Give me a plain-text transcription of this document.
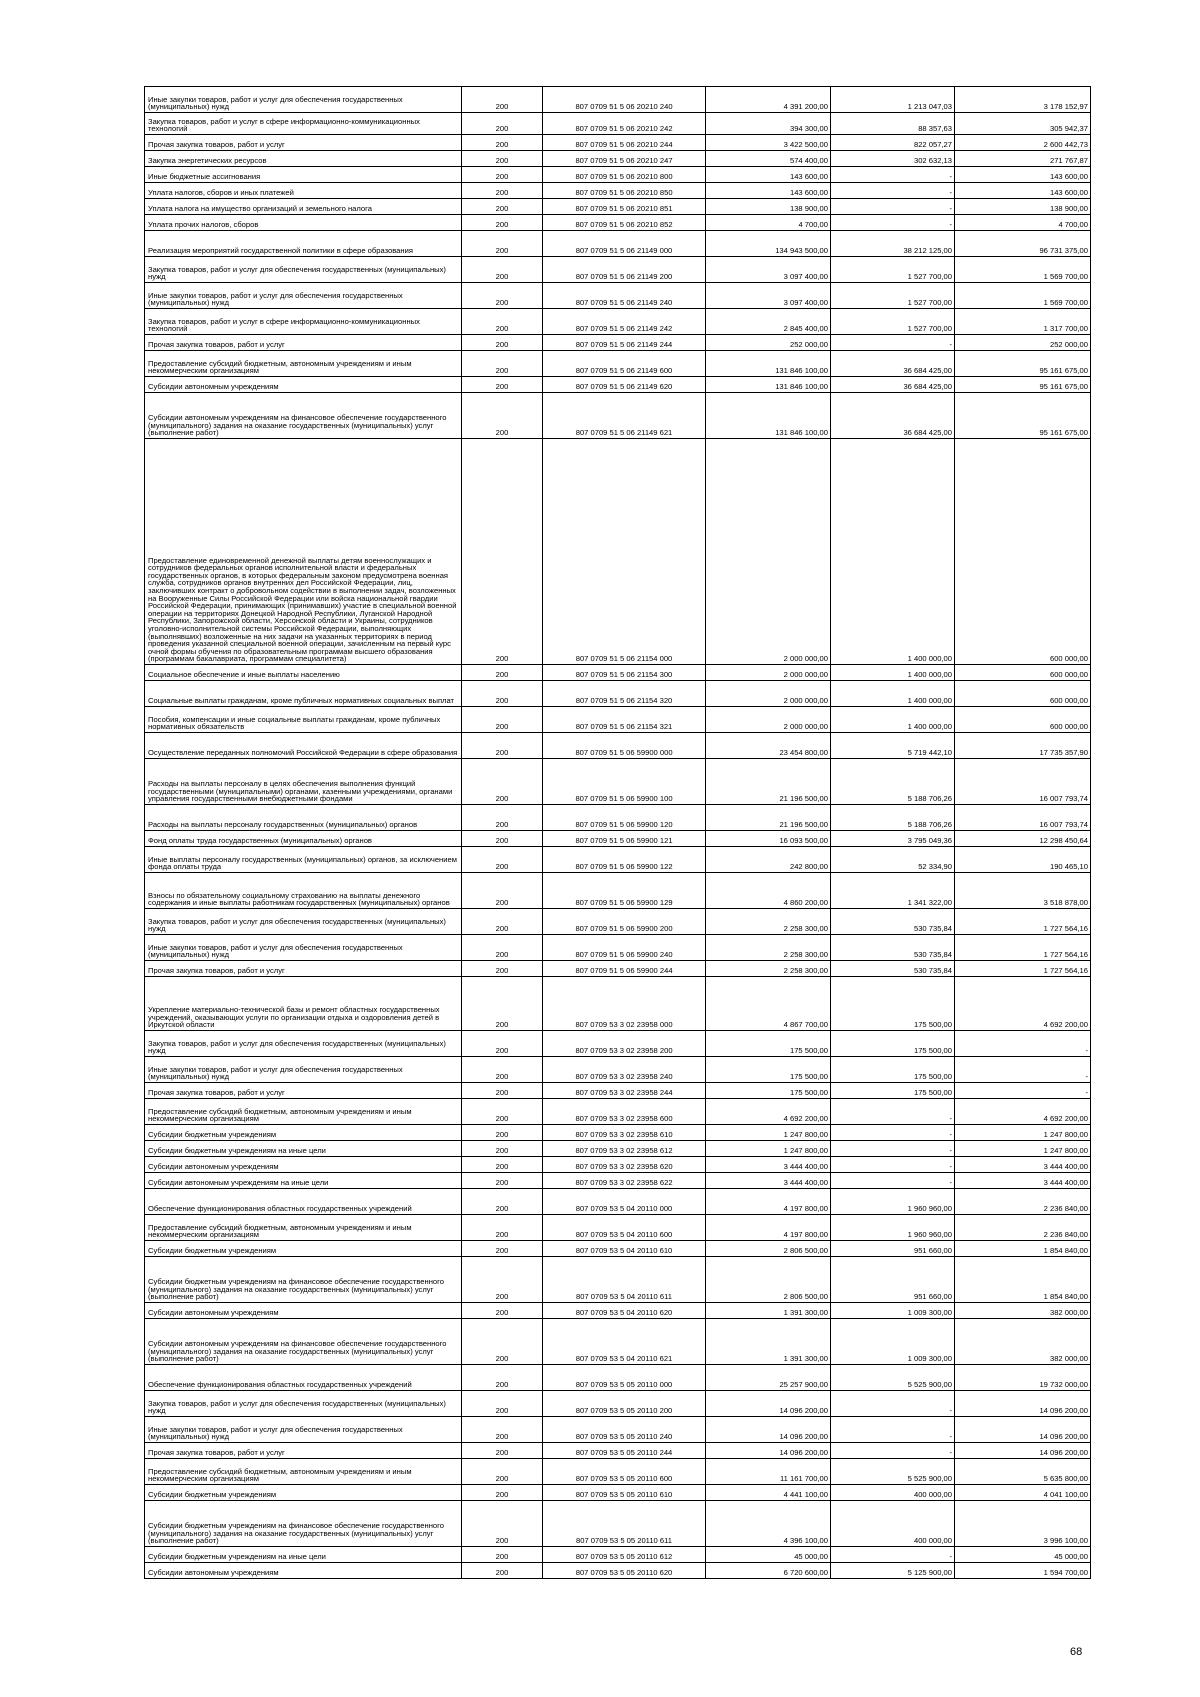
Иные закупки товаров, работ и услуг для обеспечения государственных (муниципальных) нужд	200	807 0709 51 5 06 20210 240	4 391 200,00	1 213 047,03	3 178 152,97
Закупка товаров, работ и услуг в сфере информационно-коммуникационных технологий	200	807 0709 51 5 06 20210 242	394 300,00	88 357,63	305 942,37
Прочая закупка товаров, работ и услуг	200	807 0709 51 5 06 20210 244	3 422 500,00	822 057,27	2 600 442,73
Закупка энергетических ресурсов	200	807 0709 51 5 06 20210 247	574 400,00	302 632,13	271 767,87
Иные бюджетные ассигнования	200	807 0709 51 5 06 20210 800	143 600,00	-	143 600,00
Уплата налогов, сборов и иных платежей	200	807 0709 51 5 06 20210 850	143 600,00	-	143 600,00
Уплата налога на имущество организаций и земельного налога	200	807 0709 51 5 06 20210 851	138 900,00	-	138 900,00
Уплата прочих налогов, сборов	200	807 0709 51 5 06 20210 852	4 700,00	-	4 700,00
Реализация мероприятий государственной политики в сфере образования	200	807 0709 51 5 06 21149 000	134 943 500,00	38 212 125,00	96 731 375,00
Закупка товаров, работ и услуг для обеспечения государственных (муниципальных) нужд	200	807 0709 51 5 06 21149 200	3 097 400,00	1 527 700,00	1 569 700,00
Иные закупки товаров, работ и услуг для обеспечения государственных (муниципальных) нужд	200	807 0709 51 5 06 21149 240	3 097 400,00	1 527 700,00	1 569 700,00
Закупка товаров, работ и услуг в сфере информационно-коммуникационных технологий	200	807 0709 51 5 06 21149 242	2 845 400,00	1 527 700,00	1 317 700,00
Прочая закупка товаров, работ и услуг	200	807 0709 51 5 06 21149 244	252 000,00	-	252 000,00
Предоставление субсидий бюджетным, автономным учреждениям и иным некоммерческим организациям	200	807 0709 51 5 06 21149 600	131 846 100,00	36 684 425,00	95 161 675,00
Субсидии автономным учреждениям	200	807 0709 51 5 06 21149 620	131 846 100,00	36 684 425,00	95 161 675,00
Субсидии автономным учреждениям на финансовое обеспечение государственного (муниципального) задания на оказание государственных (муниципальных) услуг (выполнение работ)	200	807 0709 51 5 06 21149 621	131 846 100,00	36 684 425,00	95 161 675,00
Предоставление единовременной денежной выплаты детям военнослужащих и сотрудников федеральных органов исполнительной власти и федеральных государственных органов, в которых федеральным законом предусмотрена военная служба, сотрудников органов внутренних дел Российской Федерации, лиц, заключивших контракт о добровольном содействии в выполнении задач, возложенных на Вооруженные Силы Российской Федерации или войска национальной гвардии Российской Федерации, принимающих (принимавших) участие в специальной военной операции на территориях Донецкой Народной Республики, Луганской Народной Республики, Запорожской области, Херсонской области и Украины, сотрудников уголовно-исполнительной системы Российской Федерации, выполняющих (выполнявших) возложенные на них задачи на указанных территориях в период проведения указанной специальной военной операции, зачисленным на первый курс очной формы обучения по образовательным программам высшего образования (программам бакалавриата, программам специалитета)	200	807 0709 51 5 06 21154 000	2 000 000,00	1 400 000,00	600 000,00
Социальное обеспечение и иные выплаты населению	200	807 0709 51 5 06 21154 300	2 000 000,00	1 400 000,00	600 000,00
Социальные выплаты гражданам, кроме публичных нормативных социальных выплат	200	807 0709 51 5 06 21154 320	2 000 000,00	1 400 000,00	600 000,00
Пособия, компенсации и иные социальные выплаты гражданам, кроме публичных нормативных обязательств	200	807 0709 51 5 06 21154 321	2 000 000,00	1 400 000,00	600 000,00
Осуществление переданных полномочий Российской Федерации в сфере образования	200	807 0709 51 5 06 59900 000	23 454 800,00	5 719 442,10	17 735 357,90
Расходы на выплаты персоналу в целях обеспечения выполнения функций государственными (муниципальными) органами, казенными учреждениями, органами управления государственными внебюджетными фондами	200	807 0709 51 5 06 59900 100	21 196 500,00	5 188 706,26	16 007 793,74
Расходы на выплаты персоналу государственных (муниципальных) органов	200	807 0709 51 5 06 59900 120	21 196 500,00	5 188 706,26	16 007 793,74
Фонд оплаты труда государственных (муниципальных) органов	200	807 0709 51 5 06 59900 121	16 093 500,00	3 795 049,36	12 298 450,64
Иные выплаты персоналу государственных (муниципальных) органов, за исключением фонда оплаты труда	200	807 0709 51 5 06 59900 122	242 800,00	52 334,90	190 465,10
Взносы по обязательному социальному страхованию на выплаты денежного содержания и иные выплаты работникам государственных (муниципальных) органов	200	807 0709 51 5 06 59900 129	4 860 200,00	1 341 322,00	3 518 878,00
Закупка товаров, работ и услуг для обеспечения государственных (муниципальных) нужд	200	807 0709 51 5 06 59900 200	2 258 300,00	530 735,84	1 727 564,16
Иные закупки товаров, работ и услуг для обеспечения государственных (муниципальных) нужд	200	807 0709 51 5 06 59900 240	2 258 300,00	530 735,84	1 727 564,16
Прочая закупка товаров, работ и услуг	200	807 0709 51 5 06 59900 244	2 258 300,00	530 735,84	1 727 564,16
Укрепление материально-технической базы и ремонт областных государственных учреждений, оказывающих услуги по организации отдыха и оздоровления детей в Иркутской области	200	807 0709 53 3 02 23958 000	4 867 700,00	175 500,00	4 692 200,00
Закупка товаров, работ и услуг для обеспечения государственных (муниципальных) нужд	200	807 0709 53 3 02 23958 200	175 500,00	175 500,00	-
Иные закупки товаров, работ и услуг для обеспечения государственных (муниципальных) нужд	200	807 0709 53 3 02 23958 240	175 500,00	175 500,00	-
Прочая закупка товаров, работ и услуг	200	807 0709 53 3 02 23958 244	175 500,00	175 500,00	-
Предоставление субсидий бюджетным, автономным учреждениям и иным некоммерческим организациям	200	807 0709 53 3 02 23958 600	4 692 200,00	-	4 692 200,00
Субсидии бюджетным учреждениям	200	807 0709 53 3 02 23958 610	1 247 800,00	-	1 247 800,00
Субсидии бюджетным учреждениям на иные цели	200	807 0709 53 3 02 23958 612	1 247 800,00	-	1 247 800,00
Субсидии автономным учреждениям	200	807 0709 53 3 02 23958 620	3 444 400,00	-	3 444 400,00
Субсидии автономным учреждениям на иные цели	200	807 0709 53 3 02 23958 622	3 444 400,00	-	3 444 400,00
Обеспечение функционирования областных государственных учреждений	200	807 0709 53 5 04 20110 000	4 197 800,00	1 960 960,00	2 236 840,00
Предоставление субсидий бюджетным, автономным учреждениям и иным некоммерческим организациям	200	807 0709 53 5 04 20110 600	4 197 800,00	1 960 960,00	2 236 840,00
Субсидии бюджетным учреждениям	200	807 0709 53 5 04 20110 610	2 806 500,00	951 660,00	1 854 840,00
Субсидии бюджетным учреждениям на финансовое обеспечение государственного (муниципального) задания на оказание государственных (муниципальных) услуг (выполнение работ)	200	807 0709 53 5 04 20110 611	2 806 500,00	951 660,00	1 854 840,00
Субсидии автономным учреждениям	200	807 0709 53 5 04 20110 620	1 391 300,00	1 009 300,00	382 000,00
Субсидии автономным учреждениям на финансовое обеспечение государственного (муниципального) задания на оказание государственных (муниципальных) услуг (выполнение работ)	200	807 0709 53 5 04 20110 621	1 391 300,00	1 009 300,00	382 000,00
Обеспечение функционирования областных государственных учреждений	200	807 0709 53 5 05 20110 000	25 257 900,00	5 525 900,00	19 732 000,00
Закупка товаров, работ и услуг для обеспечения государственных (муниципальных) нужд	200	807 0709 53 5 05 20110 200	14 096 200,00	-	14 096 200,00
Иные закупки товаров, работ и услуг для обеспечения государственных (муниципальных) нужд	200	807 0709 53 5 05 20110 240	14 096 200,00	-	14 096 200,00
Прочая закупка товаров, работ и услуг	200	807 0709 53 5 05 20110 244	14 096 200,00	-	14 096 200,00
Предоставление субсидий бюджетным, автономным учреждениям и иным некоммерческим организациям	200	807 0709 53 5 05 20110 600	11 161 700,00	5 525 900,00	5 635 800,00
Субсидии бюджетным учреждениям	200	807 0709 53 5 05 20110 610	4 441 100,00	400 000,00	4 041 100,00
Субсидии бюджетным учреждениям на финансовое обеспечение государственного (муниципального) задания на оказание государственных (муниципальных) услуг (выполнение работ)	200	807 0709 53 5 05 20110 611	4 396 100,00	400 000,00	3 996 100,00
Субсидии бюджетным учреждениям на иные цели	200	807 0709 53 5 05 20110 612	45 000,00	-	45 000,00
Субсидии автономным учреждениям	200	807 0709 53 5 05 20110 620	6 720 600,00	5 125 900,00	1 594 700,00
68
